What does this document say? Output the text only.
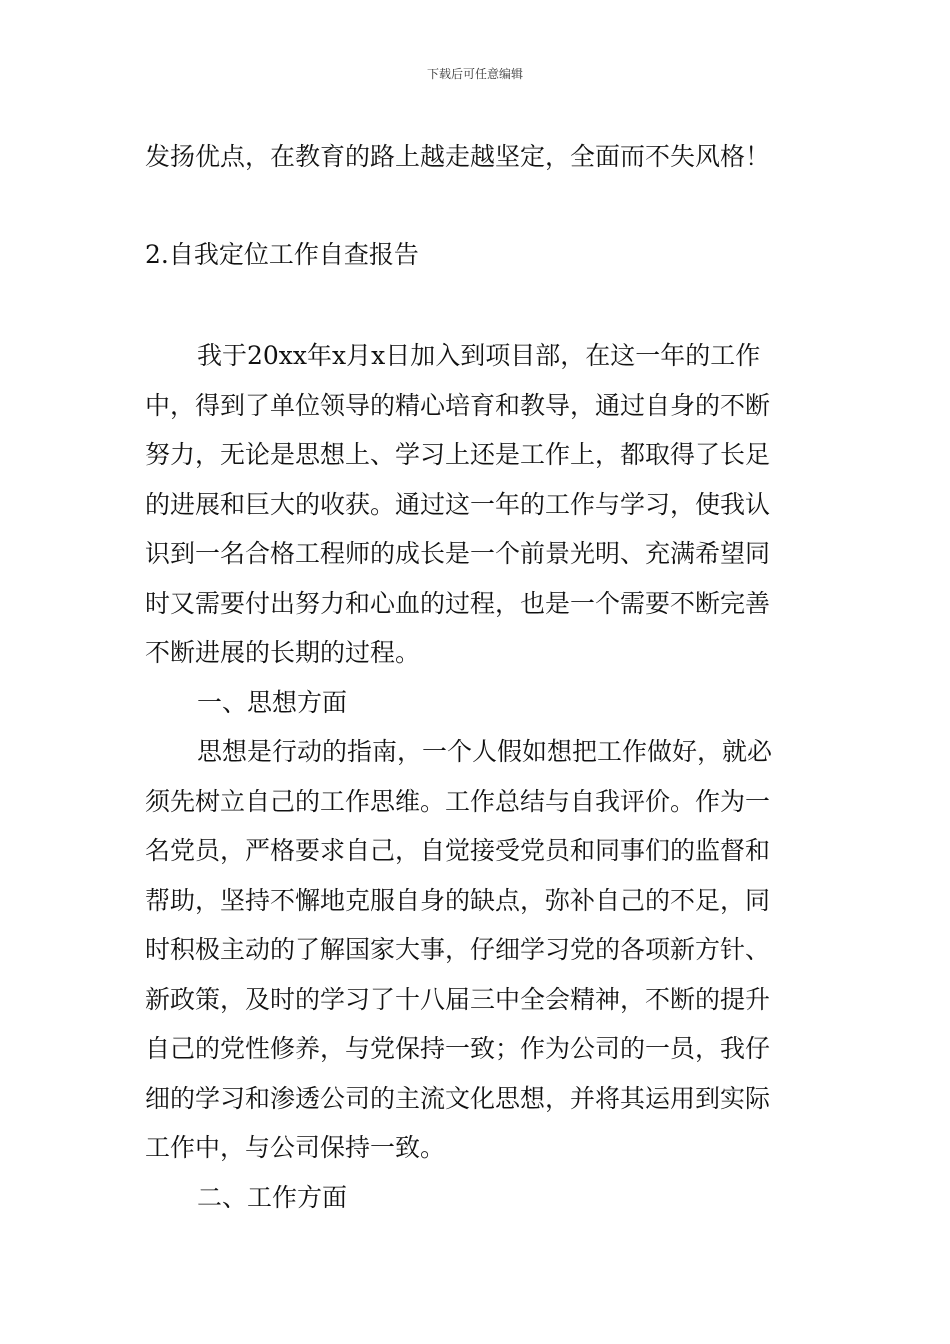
下载后可任意编辑
发扬优点，在教育的路上越走越坚定，全面而不失风格！
2.自我定位工作自查报告
我于20xx年x月x日加入到项目部，在这一年的工作
中，得到了单位领导的精心培育和教导，通过自身的不断
努力，无论是思想上、学习上还是工作上，都取得了长足
的进展和巨大的收获。通过这一年的工作与学习，使我认
识到一名合格工程师的成长是一个前景光明、充满希望同
时又需要付出努力和心血的过程，也是一个需要不断完善
不断进展的长期的过程。
一、思想方面
思想是行动的指南，一个人假如想把工作做好，就必
须先树立自己的工作思维。工作总结与自我评价。作为一
名党员，严格要求自己，自觉接受党员和同事们的监督和
帮助，坚持不懈地克服自身的缺点，弥补自己的不足，同
时积极主动的了解国家大事，仔细学习党的各项新方针、
新政策，及时的学习了十八届三中全会精神，不断的提升
自己的党性修养，与党保持一致；作为公司的一员，我仔
细的学习和渗透公司的主流文化思想，并将其运用到实际
工作中，与公司保持一致。
二、工作方面
